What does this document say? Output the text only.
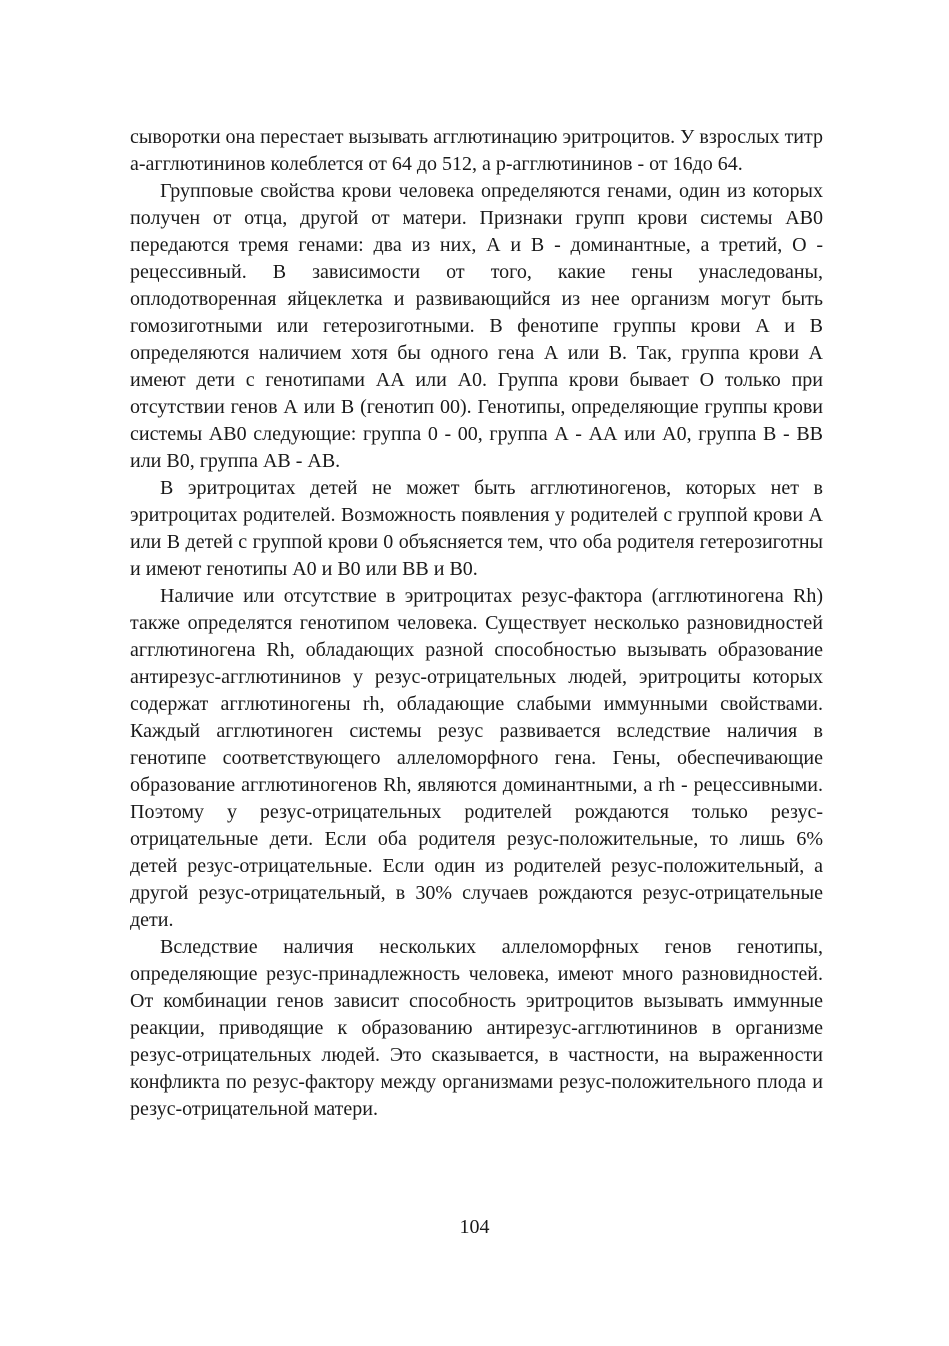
сыворотки она перестает вызывать агглютинацию эритроцитов. У взрослых титр а-агглютининов колеблется от 64 до 512, а р-агглютининов - от 16до 64.

Групповые свойства крови человека определяются генами, один из которых получен от отца, другой от матери. Признаки групп крови системы АВ0 передаются тремя генами: два из них, А и В - доминантные, а третий, О - рецессивный. В зависимости от того, какие гены унаследованы, оплодотворенная яйцеклетка и развивающийся из нее организм могут быть гомозиготными или гетерозиготными. В фенотипе группы крови А и В определяются наличием хотя бы одного гена А или В. Так, группа крови А имеют дети с генотипами АА или А0. Группа крови бывает О только при отсутствии генов А или В (генотип 00). Генотипы, определяющие группы крови системы АВ0 следующие: группа 0 - 00, группа А - АА или А0, группа В - ВВ или В0, группа АВ - АВ.

В эритроцитах детей не может быть агглютиногенов, которых нет в эритроцитах родителей. Возможность появления у родителей с группой крови А или В детей с группой крови 0 объясняется тем, что оба родителя гетерозиготны и имеют генотипы А0 и В0 или ВВ и В0.

Наличие или отсутствие в эритроцитах резус-фактора (агглютиногена Rh) также определятся генотипом человека. Существует несколько разновидностей агглютиногена Rh, обладающих разной способностью вызывать образование антирезус-агглютининов у резус-отрицательных людей, эритроциты которых содержат агглютиногены rh, обладающие слабыми иммунными свойствами. Каждый агглютиноген системы резус развивается вследствие наличия в генотипе соответствующего аллеломорфного гена. Гены, обеспечивающие образование агглютиногенов Rh, являются доминантными, а rh - рецессивными. Поэтому у резус-отрицательных родителей рождаются только резус-отрицательные дети. Если оба родителя резус-положительные, то лишь 6% детей резус-отрицательные. Если один из родителей резус-положительный, а другой резус-отрицательный, в 30% случаев рождаются резус-отрицательные дети.

Вследствие наличия нескольких аллеломорфных генов генотипы, определяющие резус-принадлежность человека, имеют много разновидностей. От комбинации генов зависит способность эритроцитов вызывать иммунные реакции, приводящие к образованию антирезус-агглютининов в организме резус-отрицательных людей. Это сказывается, в частности, на выраженности конфликта по резус-фактору между организмами резус-положительного плода и резус-отрицательной матери.

104
